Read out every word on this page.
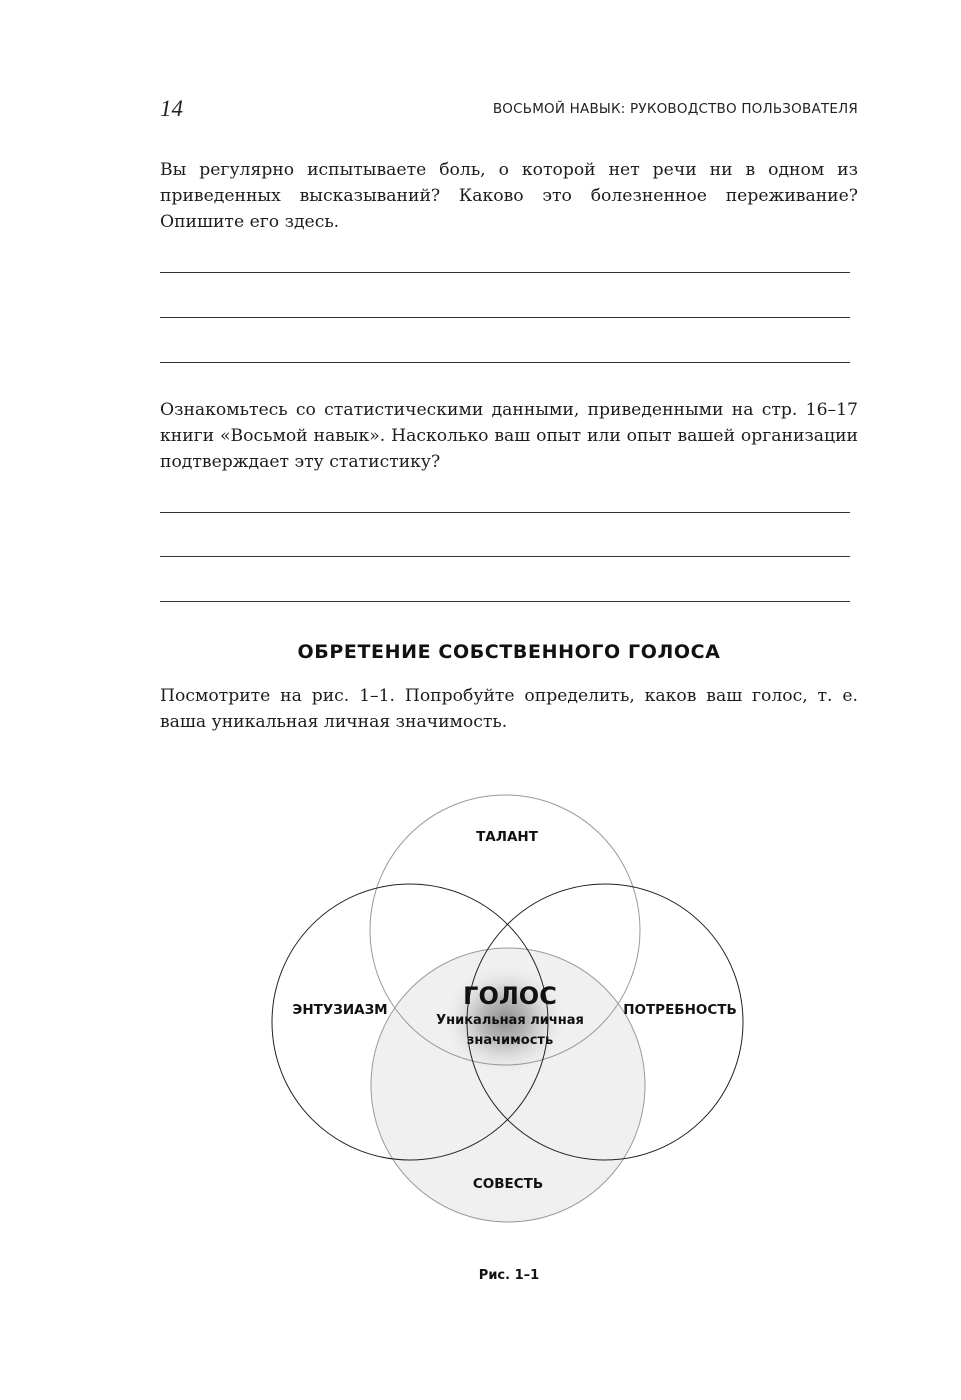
14	ВОСЬМОЙ НАВЫК: РУКОВОДСТВО ПОЛЬЗОВАТЕЛЯ

Вы регулярно испытываете боль, о которой нет речи ни в одном из приведенных высказываний? Каково это болезненное переживание? Опишите его здесь.

Ознакомьтесь со статистическими данными, приведенными на стр. 16–17 книги «Восьмой навык». Насколько ваш опыт или опыт вашей организации подтверждает эту статистику?

ОБРЕТЕНИЕ СОБСТВЕННОГО ГОЛОСА

Посмотрите на рис. 1–1. Попробуйте определить, каков ваш голос, т. е. ваша уникальная личная значимость.

ТАЛАНТ
ЭНТУЗИАЗМ	ПОТРЕБНОСТЬ
СОВЕСТЬ
ГОЛОС
Уникальная личная
значимость
Рис. 1–1
